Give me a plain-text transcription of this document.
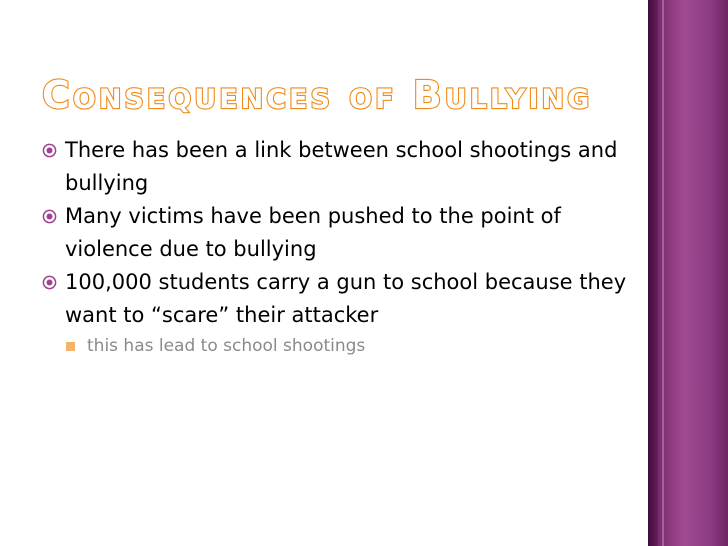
Consequences of Bullying

There has been a link between school shootings and bullying

Many victims have been pushed to the point of violence due to bullying

100,000 students carry a gun to school because they want to “scare” their attacker

this has lead to school shootings
